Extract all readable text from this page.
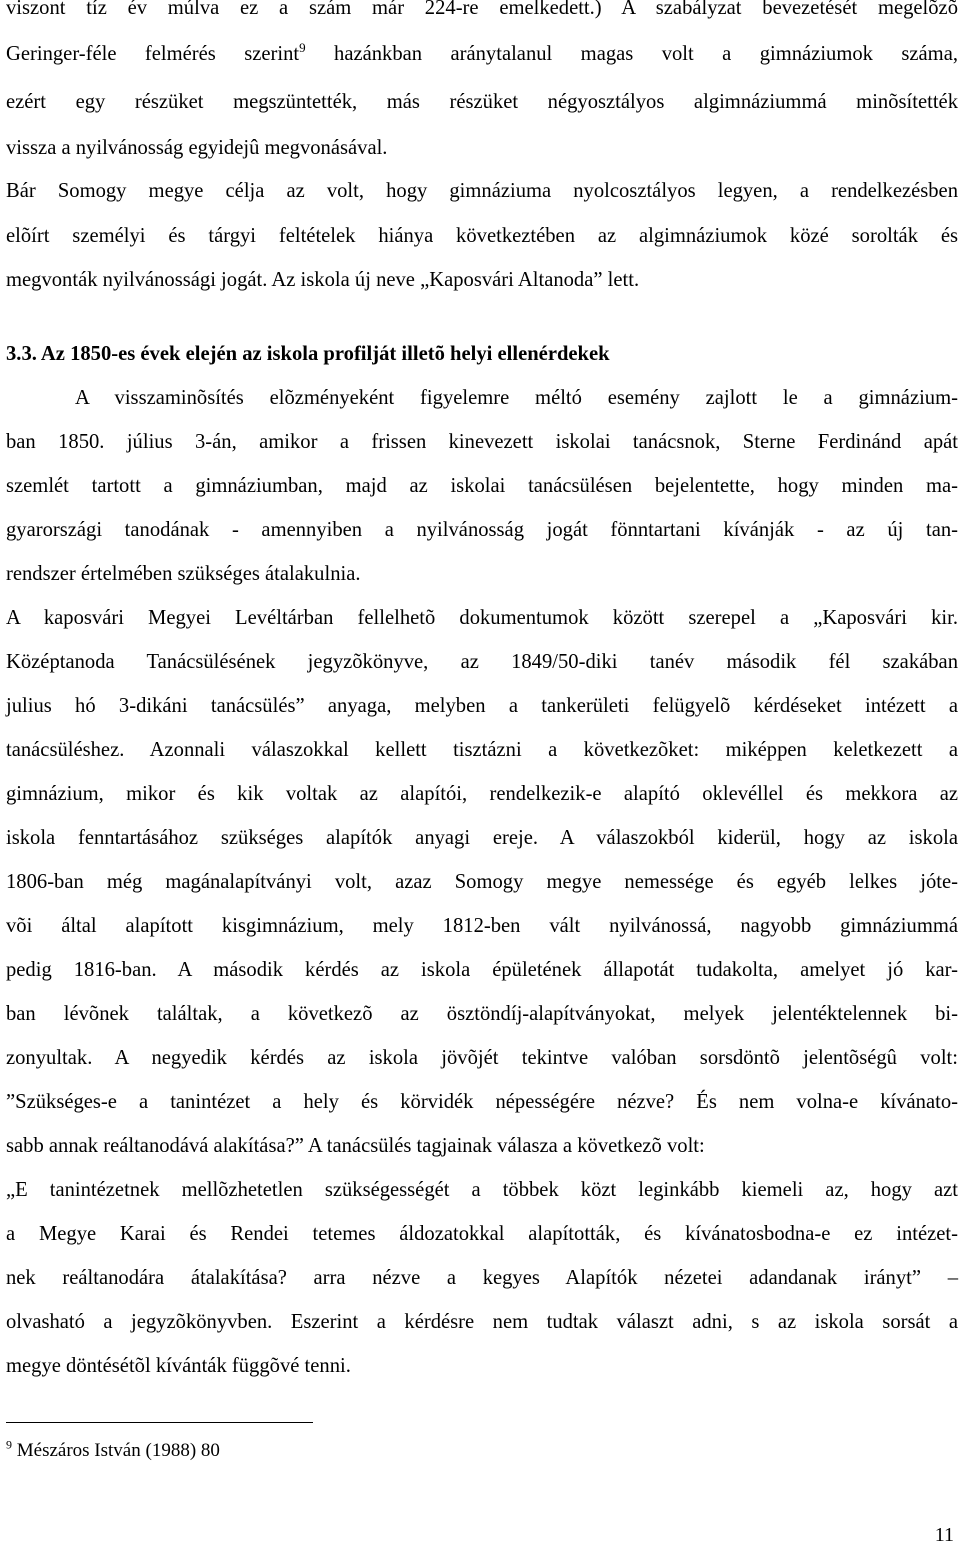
viszont tíz év múlva ez a szám már 224-re emelkedett.) A szabályzat bevezetését megelõzõ
Geringer-féle felmérés szerint$^9$ hazánkban aránytalanul magas volt a gimnáziumok száma,
ezért egy részüket megszüntették, más részüket négyosztályos algimnáziummá minõsítették
vissza a nyilvánosság egyidejû megvonásával.
Bár Somogy megye célja az volt, hogy gimnáziuma nyolcosztályos legyen, a rendelkezésben
elõírt személyi és tárgyi feltételek hiánya következtében az algimnáziumok közé sorolták és
megvonták nyilvánossági jogát. Az iskola új neve „Kaposvári Altanoda” lett.
3.3. Az 1850-es évek elején az iskola profilját illetõ helyi ellenérdekek
A visszaminõsítés elõzményeként figyelemre méltó esemény zajlott le a gimnázium-
ban 1850. július 3-án, amikor a frissen kinevezett iskolai tanácsnok, Sterne Ferdinánd apát
szemlét tartott a gimnáziumban, majd az iskolai tanácsülésen bejelentette, hogy minden ma-
gyarországi tanodának - amennyiben a nyilvánosság jogát fönntartani kívánják - az új tan-
rendszer értelmében szükséges átalakulnia.
A kaposvári Megyei Levéltárban fellelhetõ dokumentumok között szerepel a „Kaposvári kir.
Középtanoda Tanácsülésének jegyzõkönyve, az 1849/50-diki tanév második fél szakában
julius hó 3-dikáni tanácsülés” anyaga, melyben a tankerületi felügyelõ kérdéseket intézett a
tanácsüléshez. Azonnali válaszokkal kellett tisztázni a következõket: miképpen keletkezett a
gimnázium, mikor és kik voltak az alapítói, rendelkezik-e alapító oklevéllel és mekkora az
iskola fenntartásához szükséges alapítók anyagi ereje. A válaszokból kiderül, hogy az iskola
1806-ban még magánalapítványi volt, azaz Somogy megye nemessége és egyéb lelkes jóte-
või által alapított kisgimnázium, mely 1812-ben vált nyilvánossá, nagyobb gimnáziummá
pedig 1816-ban. A második kérdés az iskola épületének állapotát tudakolta, amelyet jó kar-
ban lévõnek találtak, a következõ az ösztöndíj-alapítványokat, melyek jelentéktelennek bi-
zonyultak. A negyedik kérdés az iskola jövõjét tekintve valóban sorsdöntõ jelentõségû volt:
”Szükséges-e a tanintézet a hely és körvidék népességére nézve? És nem volna-e kívánato-
sabb annak reáltanodává alakítása?” A tanácsülés tagjainak válasza a következõ volt:
„E tanintézetnek mellõzhetetlen szükségességét a többek közt leginkább kiemeli az, hogy azt
a Megye Karai és Rendei tetemes áldozatokkal alapították, és kívánatosbodna-e ez intézet-
nek reáltanodára átalakítása? arra nézve a kegyes Alapítók nézetei adandanak irányt” –
olvasható a jegyzõkönyvben. Eszerint a kérdésre nem tudtak választ adni, s az iskola sorsát a
megye döntésétõl kívánták függõvé tenni.
$^9$ Mészáros István (1988) 80
11
